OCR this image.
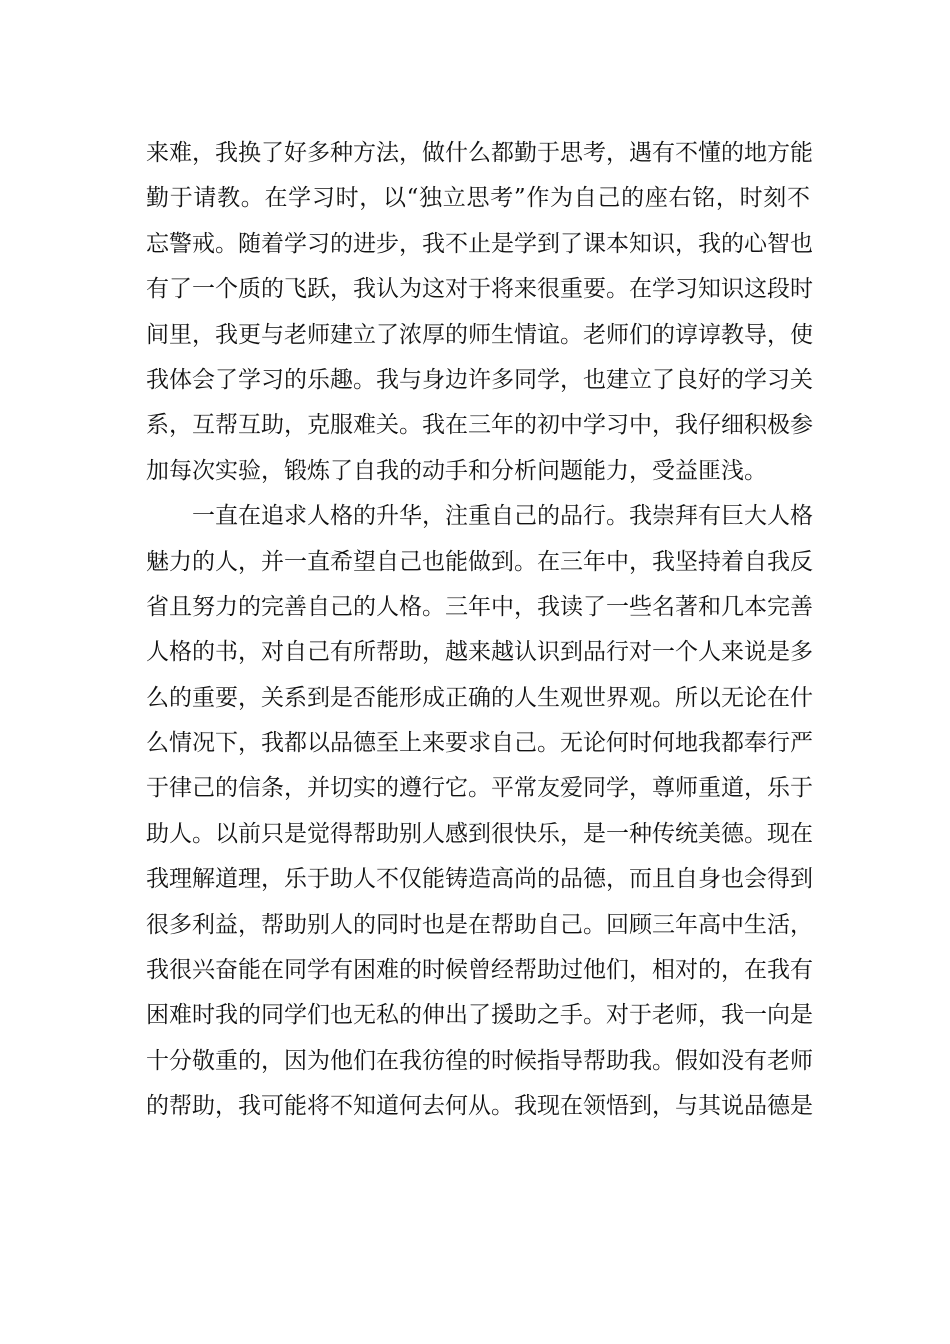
来难，我换了好多种方法，做什么都勤于思考，遇有不懂的地方能
勤于请教。在学习时，以“独立思考”作为自己的座右铭，时刻不
忘警戒。随着学习的进步，我不止是学到了课本知识，我的心智也
有了一个质的飞跃，我认为这对于将来很重要。在学习知识这段时
间里，我更与老师建立了浓厚的师生情谊。老师们的谆谆教导，使
我体会了学习的乐趣。我与身边许多同学，也建立了良好的学习关
系，互帮互助，克服难关。我在三年的初中学习中，我仔细积极参
加每次实验，锻炼了自我的动手和分析问题能力，受益匪浅。
一直在追求人格的升华，注重自己的品行。我崇拜有巨大人格
魅力的人，并一直希望自己也能做到。在三年中，我坚持着自我反
省且努力的完善自己的人格。三年中，我读了一些名著和几本完善
人格的书，对自己有所帮助，越来越认识到品行对一个人来说是多
么的重要，关系到是否能形成正确的人生观世界观。所以无论在什
么情况下，我都以品德至上来要求自己。无论何时何地我都奉行严
于律己的信条，并切实的遵行它。平常友爱同学，尊师重道，乐于
助人。以前只是觉得帮助别人感到很快乐，是一种传统美德。现在
我理解道理，乐于助人不仅能铸造高尚的品德，而且自身也会得到
很多利益，帮助别人的同时也是在帮助自己。回顾三年高中生活，
我很兴奋能在同学有困难的时候曾经帮助过他们，相对的，在我有
困难时我的同学们也无私的伸出了援助之手。对于老师，我一向是
十分敬重的，因为他们在我彷徨的时候指导帮助我。假如没有老师
的帮助，我可能将不知道何去何从。我现在领悟到，与其说品德是
